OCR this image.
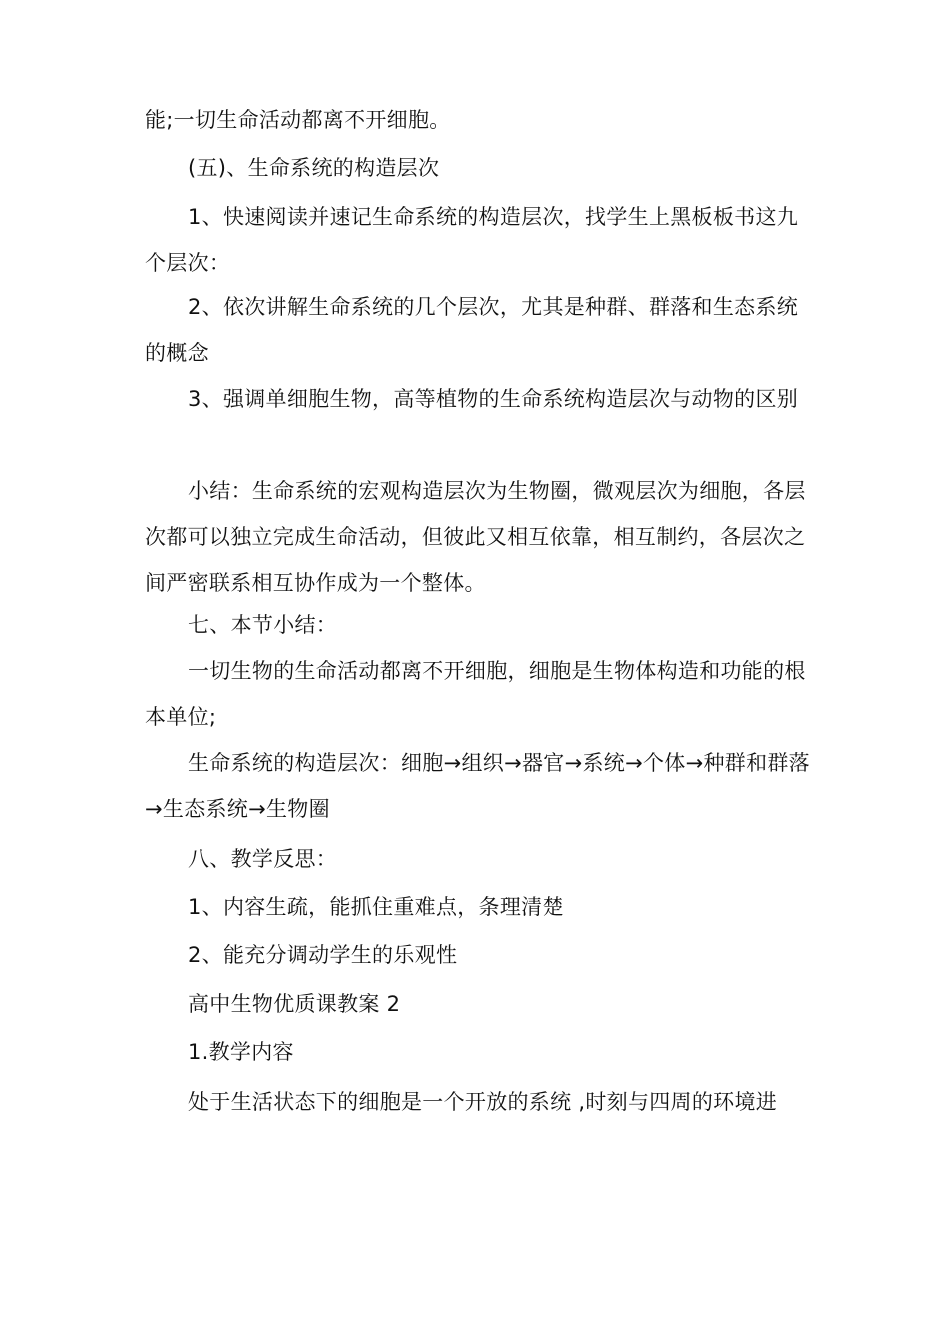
能;一切生命活动都离不开细胞。

(五)、生命系统的构造层次

1、快速阅读并速记生命系统的构造层次，找学生上黑板板书这九个层次：

2、依次讲解生命系统的几个层次，尤其是种群、群落和生态系统的概念

3、强调单细胞生物，高等植物的生命系统构造层次与动物的区别

小结：生命系统的宏观构造层次为生物圈，微观层次为细胞，各层次都可以独立完成生命活动，但彼此又相互依靠，相互制约，各层次之间严密联系相互协作成为一个整体。

七、本节小结：

一切生物的生命活动都离不开细胞，细胞是生物体构造和功能的根本单位;

生命系统的构造层次：细胞→组织→器官→系统→个体→种群和群落→生态系统→生物圈

八、教学反思：

1、内容生疏，能抓住重难点，条理清楚

2、能充分调动学生的乐观性

高中生物优质课教案 2

1.教学内容

处于生活状态下的细胞是一个开放的系统 ,时刻与四周的环境进
